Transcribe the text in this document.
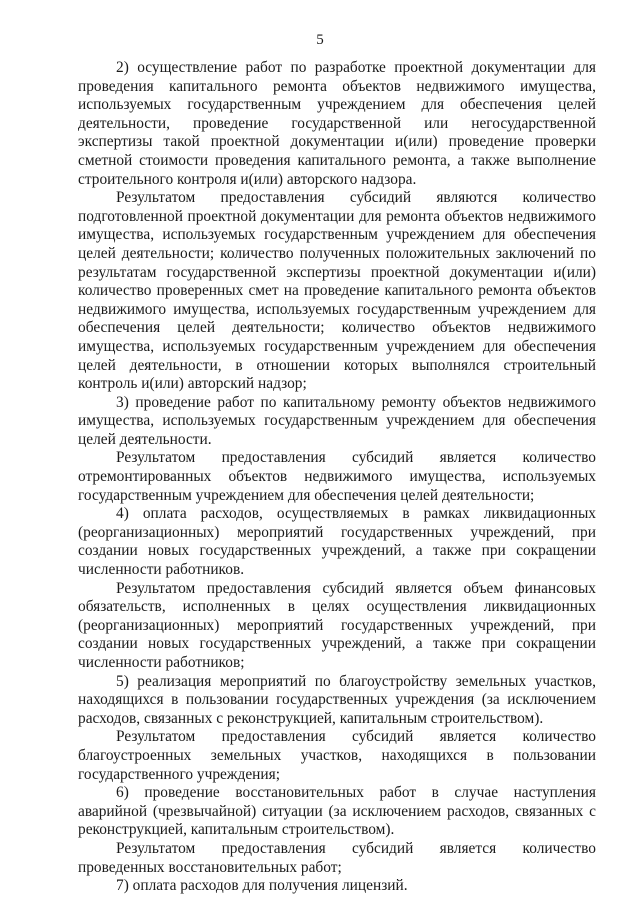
5

2) осуществление работ по разработке проектной документации для проведения капитального ремонта объектов недвижимого имущества, используемых государственным учреждением для обеспечения целей деятельности, проведение государственной или негосударственной экспертизы такой проектной документации и(или) проведение проверки сметной стоимости проведения капитального ремонта, а также выполнение строительного контроля и(или) авторского надзора.

Результатом предоставления субсидий являются количество подготовленной проектной документации для ремонта объектов недвижимого имущества, используемых государственным учреждением для обеспечения целей деятельности; количество полученных положительных заключений по результатам государственной экспертизы проектной документации и(или) количество проверенных смет на проведение капитального ремонта объектов недвижимого имущества, используемых государственным учреждением для обеспечения целей деятельности; количество объектов недвижимого имущества, используемых государственным учреждением для обеспечения целей деятельности, в отношении которых выполнялся строительный контроль и(или) авторский надзор;

3) проведение работ по капитальному ремонту объектов недвижимого имущества, используемых государственным учреждением для обеспечения целей деятельности.

Результатом предоставления субсидий является количество отремонтированных объектов недвижимого имущества, используемых государственным учреждением для обеспечения целей деятельности;

4) оплата расходов, осуществляемых в рамках ликвидационных (реорганизационных) мероприятий государственных учреждений, при создании новых государственных учреждений, а также при сокращении численности работников.

Результатом предоставления субсидий является объем финансовых обязательств, исполненных в целях осуществления ликвидационных (реорганизационных) мероприятий государственных учреждений, при создании новых государственных учреждений, а также при сокращении численности работников;

5) реализация мероприятий по благоустройству земельных участков, находящихся в пользовании государственных учреждения (за исключением расходов, связанных с реконструкцией, капитальным строительством).

Результатом предоставления субсидий является количество благоустроенных земельных участков, находящихся в пользовании государственного учреждения;

6) проведение восстановительных работ в случае наступления аварийной (чрезвычайной) ситуации (за исключением расходов, связанных с реконструкцией, капитальным строительством).

Результатом предоставления субсидий является количество проведенных восстановительных работ;

7) оплата расходов для получения лицензий.
